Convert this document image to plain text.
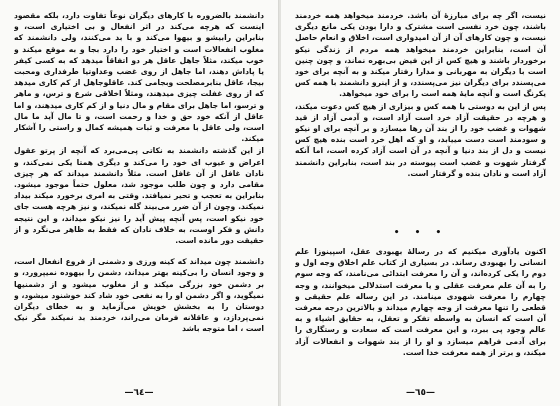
دانشمند بالضروره با کارهای دیگران نوعاً تفاوت دارد، بلکه مقصود اینست که هرچه می‌کند در اثر انفعال و بی اختیاری است، و بنابراین رابیشو و بیهوا می‌کند و با بد می‌کنند، ولی دانشمند که مغلوب انفعالات است و اختیار خود را دارد بجا و به موقع میکند و خوب میکند، مثلاً جاهل عاقل هر دو اتفاقاً میدهد که به کسی کیفر یا پاداش دهند، اما جاهل از روی غضب وعداوتیا طرفداری ومحبت بیجا، عاقل بنابرمصلحت وبجامی کند. عاقلوجاهل از کم کاری میدهد که از روی غفلت چیزی میدهند، ومثلاً اخلاقی شرع و ترس، و ماهر و ترسو، اما جاهل برای مقام و مال دنیا و از کم کاری میدهند، و اما عاقل از آنکه خود حق و خدا و رحمت است، و تا مال آید ما مال است، ولی عاقل با معرفت و ثبات همیشه کمال و راستی را آشکار میکند.

از این گذشته دانشمند به نکاتی پی‌می‌برد که آنچه از پرتو عقول اعراض و عیوب ای خود را می‌کند و دیگری همتا یکی نمی‌کند، و نادان غافل از آن غافل است. مثلاً دانشمند میداند که هر چیزی مقامی دارد و چون طلب موجود شد، معلول حتماً موجود میشود. بنابراین به تعجب و تحیر نمیافتد. وقتی به امری برخورد میکند بیداد نمیکند. وچون از آن ضرر می‌بیند گله نمیکند، و نیز هرچه هست جای خود نیکو است، پس آنچه پیش آید را نیز نیکو میداند، و این نتیجه دانش و فکر اوست، به خلاف نادان که فقط به ظاهر می‌نگرد و از حقیقت دور مانده است.

دانشمند چون میداند که کینه ورزی و دشمنی از فروع انفعال است، و وجود انسان را بی‌کینه بهتر میداند، دشمن را بیهوده نمیپرورد، و بر دشمن خود بزرگی میکند و از مغلوب میشود و از دشمنیها نمیگوید، و اگر دشمن او را به نفعی خود شاد کند خوشنود میشود، و دوستان را به بخشش خویش می‌آزماید و به خطای دیگران نمی‌پردازد، و عاقلانه فرمان می‌راند، خردمند بد نمیکند مگر نیک است ، اما متوجه باشد

—٦٤—

نیست، اگر چه برای مبارزهٔ آن باشد. خردمند میخواهد همه خردمند باشند، چون خرد نفسی است مشترک و دارا بودن یکی مانع دیگری نیست، و چون کارهای آن از آن امیدواری است، اخلاق و انعام حاصل آن است، بنابراین خردمند میخواهد همه مردم از زندگی نیکو برخوردار باشند و هیچ کس از این فیض بی‌بهره نماند، و چون چنین است با دیگران به مهربانی و مدارا رفتار میکند و به آنچه برای خود می‌پسندد برای دیگران نیز می‌پسندد، و از اینرو دانشمند با همه کس یکرنگ است و آنچه مایهٔ همه است را برای خود میخواهد.

پس از این به دوستی با همه کس و بیزاری از هیچ کس دعوت میکند، و هرچه در حقیقت آزاد خرد است آزاد است، و آدمی آزاد از قید شهوات و غضب خود را از بند آن رها میسازد و بر آنچه برای او نیکو و سودمند است دست مییابد، و او که اهل خرد است بنده هیچ کس نیست و دل از بند دنیا و آنچه در آن است آزاد کرده است، اما آنکه گرفتار شهوت و غضب است پیوسته در بند است، بنابراین دانشمند آزاد است و نادان بنده و گرفتار است.

• • •

اکنون یادآوری میکنیم که در رسالهٔ بهبودی عقل، اسپینوزا علم انسانی را بهبودی رساند. در بسیاری از کتاب علم اخلاق وجه اول و دوم را یکی کرده‌اند، و آن را معرفت ابتدائی می‌نامند، که وجه سوم را به آن علم معرفت عقلی و یا معرفت استدلالی میخوانند، و وجه چهارم را معرفت شهودی مینامند. در این رساله علم حقیقی و قطعی را تنها معرفت از وجه چهارم میداند و بالاترین درجه معرفت آن است که انسان به واسطه تفکر و تعقل، به حقایق اشیاء و به عالم وجود پی ببرد، و این معرفت است که سعادت و رستگاری را برای آدمی فراهم میسازد و او را از بند شهوات و انفعالات آزاد میکند، و برتر از همه معرفت خدا است.

—٦٥—
